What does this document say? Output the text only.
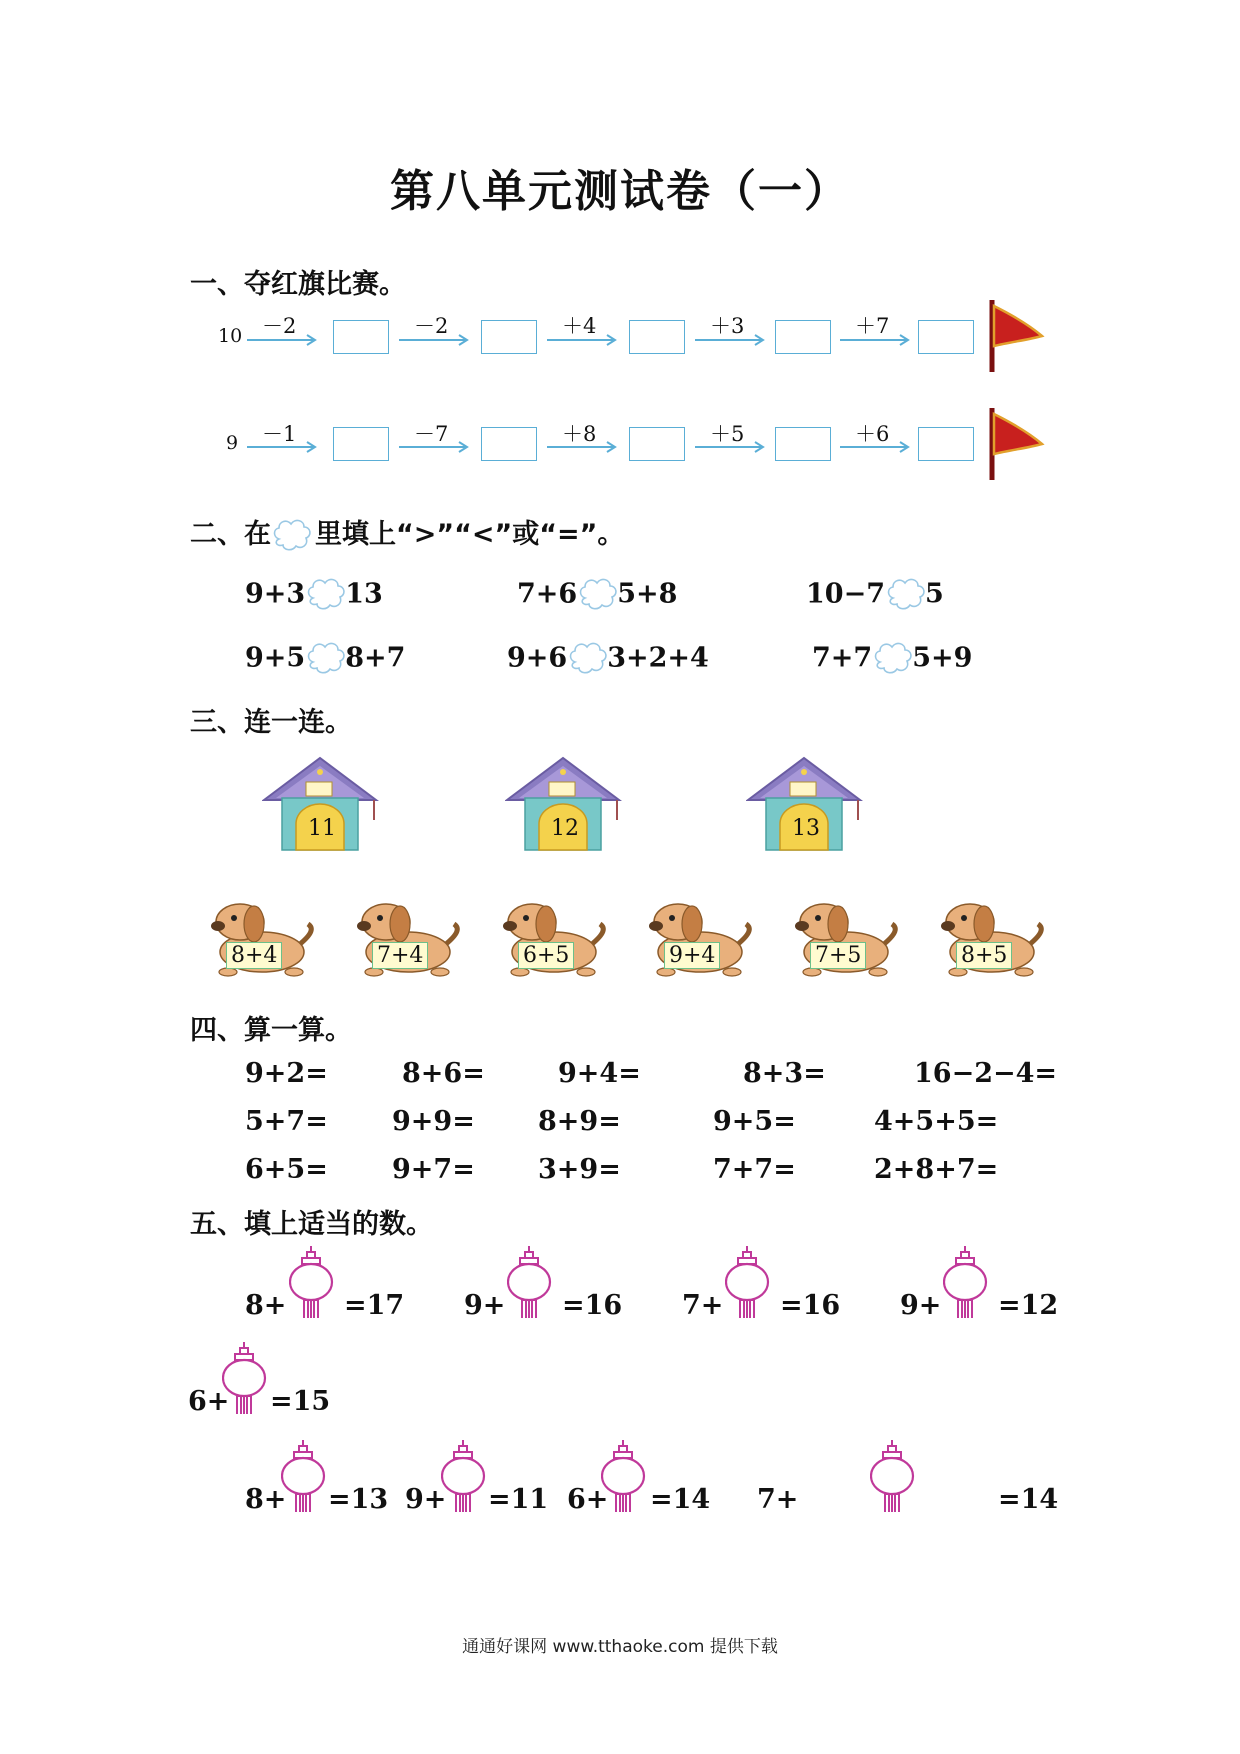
第八单元测试卷（一）
一、夺红旗比赛。
10 －2	－2	＋4	＋3	＋7
9 －1	－7	＋8	＋5	＋6
二、在 里填上“>”“<”或“=”。
9+3 13	7+6 5+8	10−7 5
9+5 8+7	9+6 3+2+4	7+7 5+9
三、连一连。
11	12	13
8+4	7+4	6+5	9+4	7+5	8+5
四、算一算。
9+2=	8+6=	9+4=	8+3=	16−2−4=
5+7= 9+9= 8+9=	9+5=	4+5+5=
6+5= 9+7= 3+9=	7+7=	2+8+7=
五、填上适当的数。
8+ =17 9+ =16 7+ =16 9+ =12
6+ =15
8+ =13 9+ =11 6+ =14 7+	=14
通通好课网 www.tthaoke.com 提供下载
